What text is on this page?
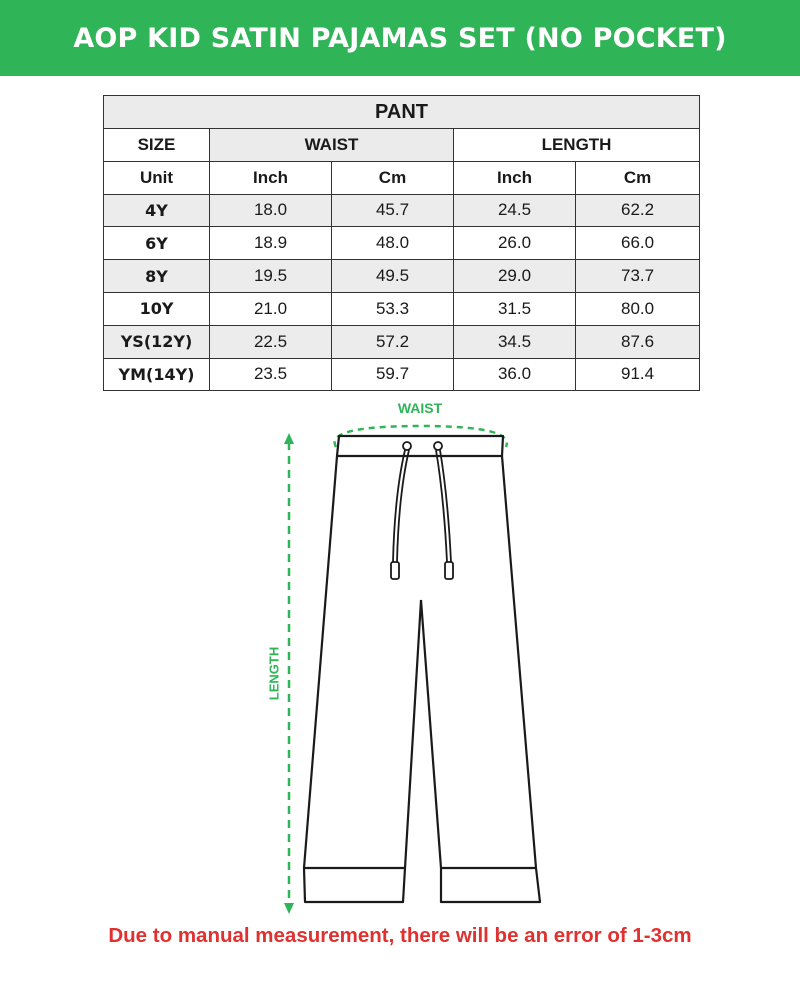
AOP KID SATIN PAJAMAS SET (NO POCKET)
PANT				
SIZE	WAIST		LENGTH	
Unit	Inch	Cm	Inch	Cm
4Y	18.0	45.7	24.5	62.2
6Y	18.9	48.0	26.0	66.0
8Y	19.5	49.5	29.0	73.7
10Y	21.0	53.3	31.5	80.0
YS(12Y)	22.5	57.2	34.5	87.6
YM(14Y)	23.5	59.7	36.0	91.4
WAIST
LENGTH
Due to manual measurement, there will be an error of 1-3cm
